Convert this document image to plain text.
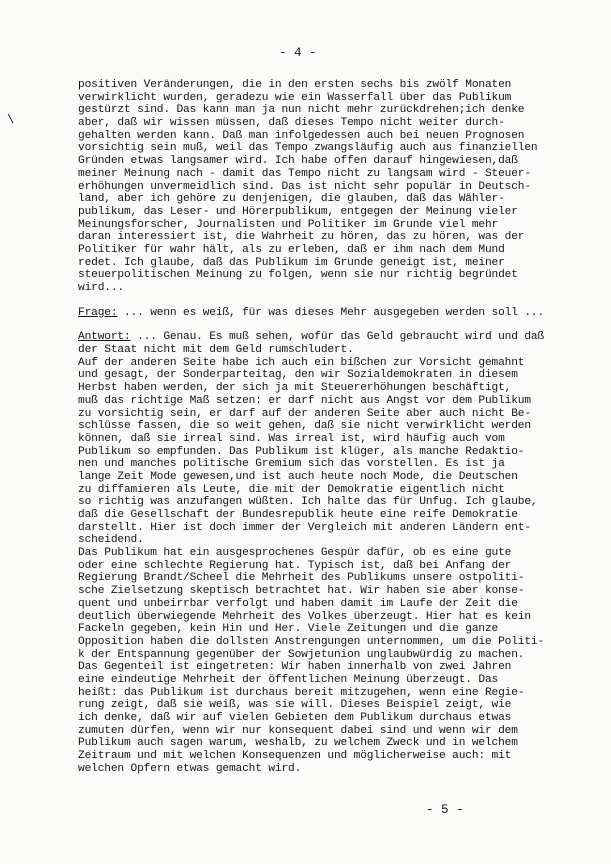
- 4 -
\
positiven Veränderungen, die in den ersten sechs bis zwölf Monaten
verwirklicht wurden, geradezu wie ein Wasserfall über das Publikum
gestürzt sind. Das kann man ja nun nicht mehr zurückdrehen;ich denke
aber, daß wir wissen müssen, daß dieses Tempo nicht weiter durch-
gehalten werden kann. Daß man infolgedessen auch bei neuen Prognosen
vorsichtig sein muß, weil das Tempo zwangsläufig auch aus finanziellen
Gründen etwas langsamer wird. Ich habe offen darauf hingewiesen,daß
meiner Meinung nach - damit das Tempo nicht zu langsam wird - Steuer-
erhöhungen unvermeidlich sind. Das ist nicht sehr populär in Deutsch-
land, aber ich gehöre zu denjenigen, die glauben, daß das Wähler-
publikum, das Leser- und Hörerpublikum, entgegen der Meinung vieler
Meinungsforscher, Journalisten und Politiker im Grunde viel mehr
daran interessiert ist, die Wahrheit zu hören, das zu hören, was der
Politiker für wahr hält, als zu erleben, daß er ihm nach dem Mund
redet. Ich glaube, daß das Publikum im Grunde geneigt ist, meiner
steuerpolitischen Meinung zu folgen, wenn sie nur richtig begründet
wird...
Frage: ... wenn es weiß, für was dieses Mehr ausgegeben werden soll ...
Antwort: ... Genau. Es muß sehen, wofür das Geld gebraucht wird und daß
der Staat nicht mit dem Geld rumschludert.
Auf der anderen Seite habe ich auch ein bißchen zur Vorsicht gemahnt
und gesagt, der Sonderparteitag, den wir Sozialdemokraten in diesem
Herbst haben werden, der sich ja mit Steuererhöhungen beschäftigt,
muß das richtige Maß setzen: er darf nicht aus Angst vor dem Publikum
zu vorsichtig sein, er darf auf der anderen Seite aber auch nicht Be-
schlüsse fassen, die so weit gehen, daß sie nicht verwirklicht werden
können, daß sie irreal sind. Was irreal ist, wird häufig auch vom
Publikum so empfunden. Das Publikum ist klüger, als manche Redaktio-
nen und manches politische Gremium sich das vorstellen. Es ist ja
lange Zeit Mode gewesen,und ist auch heute noch Mode, die Deutschen
zu diffamieren als Leute, die mit der Demokratie eigentlich nicht
so richtig was anzufangen wüßten. Ich halte das für Unfug. Ich glaube,
daß die Gesellschaft der Bundesrepublik heute eine reife Demokratie
darstellt. Hier ist doch immer der Vergleich mit anderen Ländern ent-
scheidend.
Das Publikum hat ein ausgesprochenes Gespür dafür, ob es eine gute
oder eine schlechte Regierung hat. Typisch ist, daß bei Anfang der
Regierung Brandt/Scheel die Mehrheit des Publikums unsere ostpoliti-
sche Zielsetzung skeptisch betrachtet hat. Wir haben sie aber konse-
quent und unbeirrbar verfolgt und haben damit im Laufe der Zeit die
deutlich überwiegende Mehrheit des Volkes überzeugt. Hier hat es kein
Fackeln gegeben, kein Hin und Her. Viele Zeitungen und die ganze
Opposition haben die dollsten Anstrengungen unternommen, um die Politi-
k der Entspannung gegenüber der Sowjetunion unglaubwürdig zu machen.
Das Gegenteil ist eingetreten: Wir haben innerhalb von zwei Jahren
eine eindeutige Mehrheit der öffentlichen Meinung überzeugt. Das
heißt: das Publikum ist durchaus bereit mitzugehen, wenn eine Regie-
rung zeigt, daß sie weiß, was sie will. Dieses Beispiel zeigt, wie
ich denke, daß wir auf vielen Gebieten dem Publikum durchaus etwas
zumuten dürfen, wenn wir nur konsequent dabei sind und wenn wir dem
Publikum auch sagen warum, weshalb, zu welchem Zweck und in welchem
Zeitraum und mit welchen Konsequenzen und möglicherweise auch: mit
welchen Opfern etwas gemacht wird.
- 5 -
